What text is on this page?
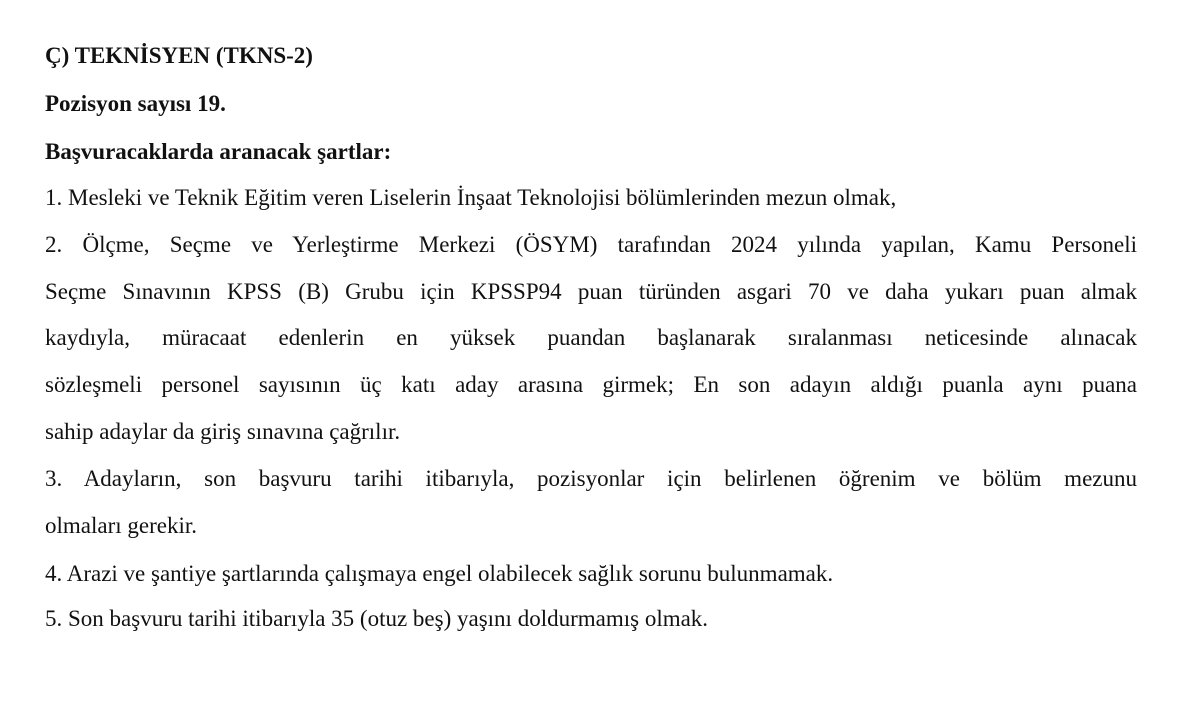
Ç) TEKNİSYEN (TKNS-2)
Pozisyon sayısı 19.
Başvuracaklarda aranacak şartlar:
1. Mesleki ve Teknik Eğitim veren Liselerin İnşaat Teknolojisi bölümlerinden mezun olmak,
2. Ölçme, Seçme ve Yerleştirme Merkezi (ÖSYM) tarafından 2024 yılında yapılan, Kamu Personeli
Seçme Sınavının KPSS (B) Grubu için KPSSP94 puan türünden asgari 70 ve daha yukarı puan almak
kaydıyla, müracaat edenlerin en yüksek puandan başlanarak sıralanması neticesinde alınacak
sözleşmeli personel sayısının üç katı aday arasına girmek; En son adayın aldığı puanla aynı puana
sahip adaylar da giriş sınavına çağrılır.
3. Adayların, son başvuru tarihi itibarıyla, pozisyonlar için belirlenen öğrenim ve bölüm mezunu
olmaları gerekir.
4. Arazi ve şantiye şartlarında çalışmaya engel olabilecek sağlık sorunu bulunmamak.
5. Son başvuru tarihi itibarıyla 35 (otuz beş) yaşını doldurmamış olmak.
